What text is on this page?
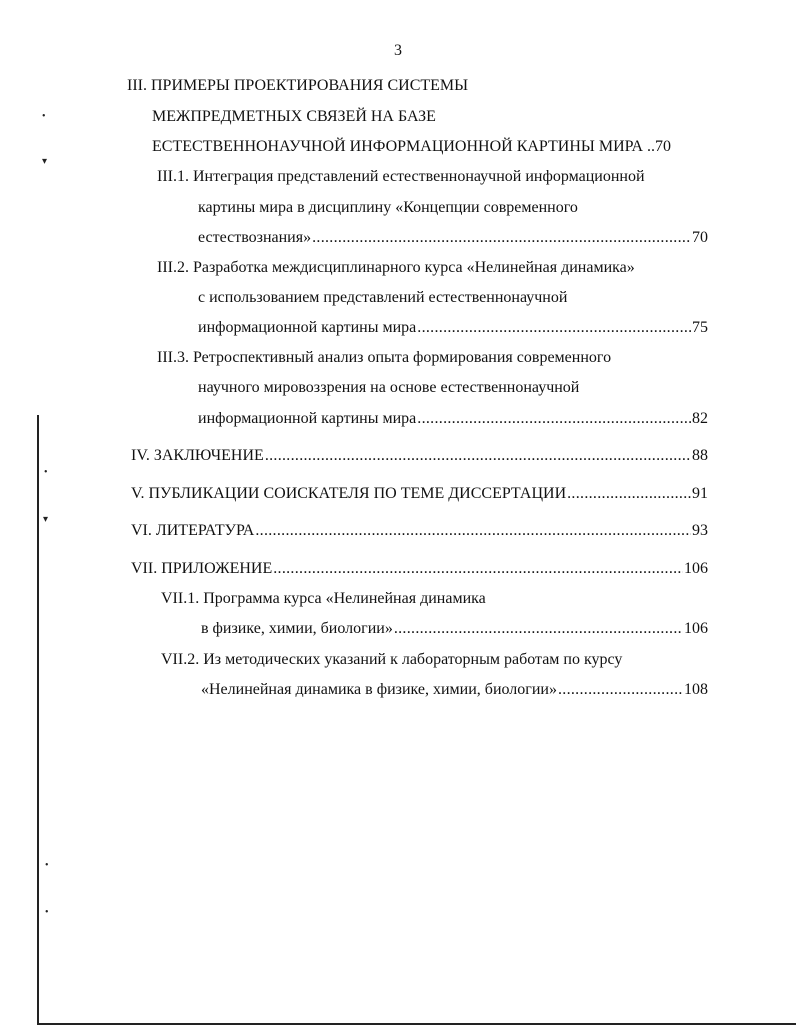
3
III. ПРИМЕРЫ ПРОЕКТИРОВАНИЯ СИСТЕМЫ
МЕЖПРЕДМЕТНЫХ СВЯЗЕЙ НА БАЗЕ
ЕСТЕСТВЕННОНАУЧНОЙ ИНФОРМАЦИОННОЙ КАРТИНЫ МИРА ..70
III.1. Интеграция представлений естественнонаучной информационной
картины мира в дисциплину «Концепции современного
естествознания» .....	70
III.2. Разработка междисциплинарного курса «Нелинейная динамика»
с использованием представлений естественнонаучной
информационной картины мира .....	75
III.3. Ретроспективный анализ опыта формирования современного
научного мировоззрения на основе естественнонаучной
информационной картины мира .....	82
IV. ЗАКЛЮЧЕНИЕ .....	88
V. ПУБЛИКАЦИИ СОИСКАТЕЛЯ ПО ТЕМЕ ДИССЕРТАЦИИ .....	91
VI. ЛИТЕРАТУРА .....	93
VII. ПРИЛОЖЕНИЕ .....	106
VII.1. Программа курса «Нелинейная динамика
в физике, химии, биологии» .....	106
VII.2. Из методических указаний к лабораторным работам по курсу
«Нелинейная динамика в физике, химии, биологии» .....	108
•
▾
•
▾
•
•
